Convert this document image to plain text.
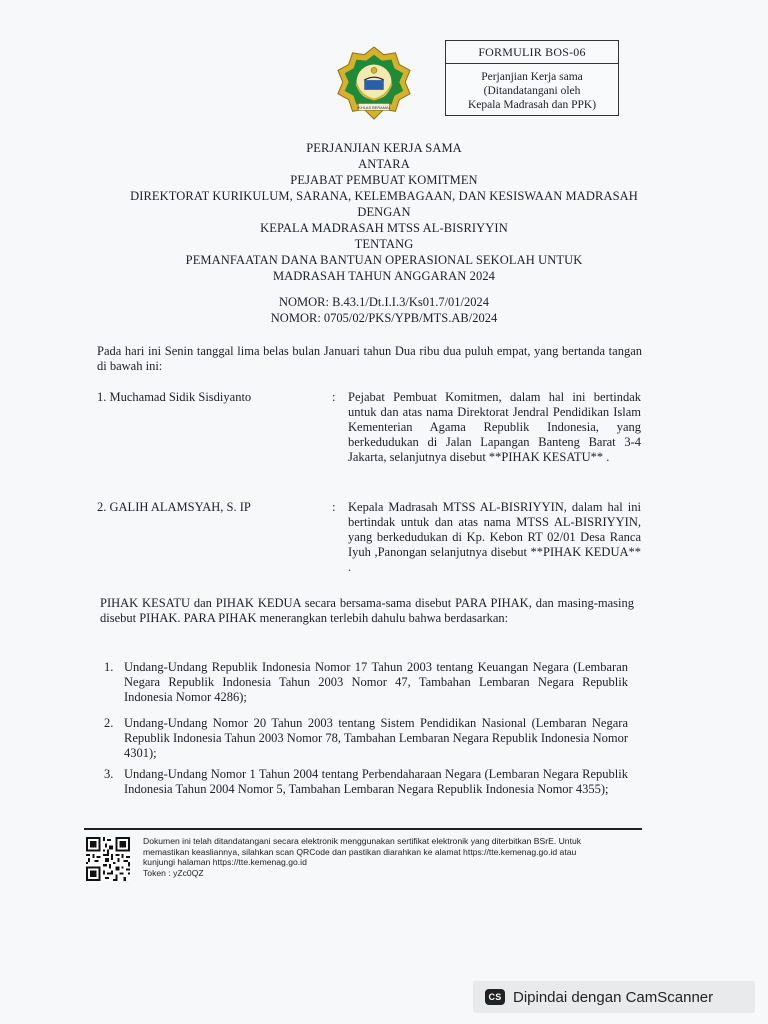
IKHLAS BERAMAL
FORMULIR BOS-06
Perjanjian Kerja sama
(Ditandatangani oleh
Kepala Madrasah dan PPK)
PERJANJIAN KERJA SAMA
ANTARA
PEJABAT PEMBUAT KOMITMEN
DIREKTORAT KURIKULUM, SARANA, KELEMBAGAAN, DAN KESISWAAN MADRASAH
DENGAN
KEPALA MADRASAH MTSS AL-BISRIYYIN
TENTANG
PEMANFAATAN DANA BANTUAN OPERASIONAL SEKOLAH UNTUK
MADRASAH TAHUN ANGGARAN 2024
NOMOR: B.43.1/Dt.I.I.3/Ks01.7/01/2024
NOMOR: 0705/02/PKS/YPB/MTS.AB/2024
Pada hari ini Senin tanggal lima belas bulan Januari tahun Dua ribu dua puluh empat, yang bertanda tangan di bawah ini:
1. Muchamad Sidik Sisdiyanto	: Pejabat Pembuat Komitmen, dalam hal ini bertindak untuk dan atas nama Direktorat Jendral Pendidikan Islam Kementerian Agama Republik Indonesia, yang berkedudukan di Jalan Lapangan Banteng Barat 3-4 Jakarta, selanjutnya disebut **PIHAK KESATU** .
2. GALIH ALAMSYAH, S. IP	: Kepala Madrasah MTSS AL-BISRIYYIN, dalam hal ini bertindak untuk dan atas nama MTSS AL-BISRIYYIN, yang berkedudukan di Kp. Kebon RT 02/01 Desa Ranca Iyuh ,Panongan selanjutnya disebut **PIHAK KEDUA** .
PIHAK KESATU dan PIHAK KEDUA secara bersama-sama disebut PARA PIHAK, dan masing-masing disebut PIHAK. PARA PIHAK menerangkan terlebih dahulu bahwa berdasarkan:
1. Undang-Undang Republik Indonesia Nomor 17 Tahun 2003 tentang Keuangan Negara (Lembaran Negara Republik Indonesia Tahun 2003 Nomor 47, Tambahan Lembaran Negara Republik Indonesia Nomor 4286);
2. Undang-Undang Nomor 20 Tahun 2003 tentang Sistem Pendidikan Nasional (Lembaran Negara Republik Indonesia Tahun 2003 Nomor 78, Tambahan Lembaran Negara Republik Indonesia Nomor 4301);
3. Undang-Undang Nomor 1 Tahun 2004 tentang Perbendaharaan Negara (Lembaran Negara Republik Indonesia Tahun 2004 Nomor 5, Tambahan Lembaran Negara Republik Indonesia Nomor 4355);
Dokumen ini telah ditandatangani secara elektronik menggunakan sertifikat elektronik yang diterbitkan BSrE. Untuk
memastikan keasliannya, silahkan scan QRCode dan pastikan diarahkan ke alamat https://tte.kemenag.go.id atau
kunjungi halaman https://tte.kemenag.go.id
Token : yZc0QZ
CS Dipindai dengan CamScanner
